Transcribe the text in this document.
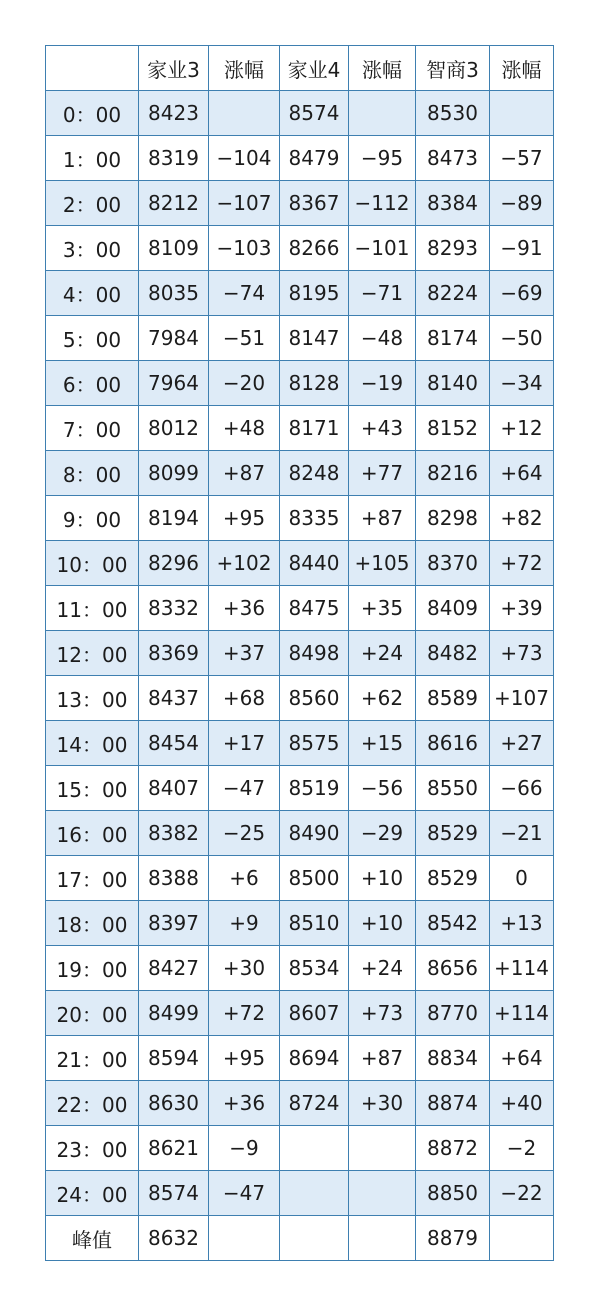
	家业3	涨幅	家业4	涨幅	智商3	涨幅
0：00	8423		8574		8530	
1：00	8319	−104	8479	−95	8473	−57
2：00	8212	−107	8367	−112	8384	−89
3：00	8109	−103	8266	−101	8293	−91
4：00	8035	−74	8195	−71	8224	−69
5：00	7984	−51	8147	−48	8174	−50
6：00	7964	−20	8128	−19	8140	−34
7：00	8012	+48	8171	+43	8152	+12
8：00	8099	+87	8248	+77	8216	+64
9：00	8194	+95	8335	+87	8298	+82
10：00	8296	+102	8440	+105	8370	+72
11：00	8332	+36	8475	+35	8409	+39
12：00	8369	+37	8498	+24	8482	+73
13：00	8437	+68	8560	+62	8589	+107
14：00	8454	+17	8575	+15	8616	+27
15：00	8407	−47	8519	−56	8550	−66
16：00	8382	−25	8490	−29	8529	−21
17：00	8388	+6	8500	+10	8529	0
18：00	8397	+9	8510	+10	8542	+13
19：00	8427	+30	8534	+24	8656	+114
20：00	8499	+72	8607	+73	8770	+114
21：00	8594	+95	8694	+87	8834	+64
22：00	8630	+36	8724	+30	8874	+40
23：00	8621	−9			8872	−2
24：00	8574	−47			8850	−22
峰值	8632				8879	
